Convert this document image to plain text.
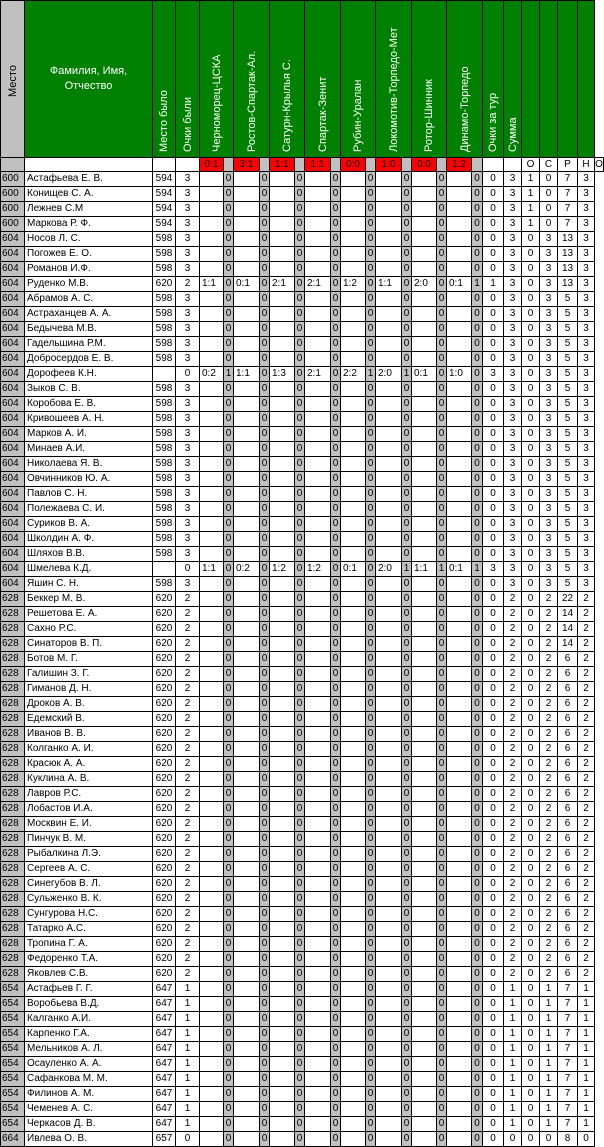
Место	Фамилия, Имя, Отчество	Место было	Очки были	Черноморец-ЦСКА		Ростов-Спартак-Ал.		Сатурн-Крылья С.		Спартак-Зенит		Рубин-Уралан		Локомотив-Торпедо-Мет		Ротор-Шинник		Динамо-Торпедо		Очки за тур	Сумма					
				0:1		3:1		1:1		1:1		0:0		1:0		0:0		1:2				О	С	Р	Н	О
600	Астафьева Е. В.	594	3		0		0		0		0		0		0		0		0	0	3	1	0	7	3	
600	Конищев С. А.	594	3		0		0		0		0		0		0		0		0	0	3	1	0	7	3	
600	Лежнев С.М	594	3		0		0		0		0		0		0		0		0	0	3	1	0	7	3	
600	Маркова Р. Ф.	594	3		0		0		0		0		0		0		0		0	0	3	1	0	7	3	
604	Носов Л. С.	598	3		0		0		0		0		0		0		0		0	0	3	0	3	13	3	
604	Погожев Е. О.	598	3		0		0		0		0		0		0		0		0	0	3	0	3	13	3	
604	Романов И.Ф.	598	3		0		0		0		0		0		0		0		0	0	3	0	3	13	3	
604	Руденко М.В.	620	2	1:1	0	0:1	0	2:1	0	2:1	0	1:2	0	1:1	0	2:0	0	0:1	1	1	3	0	3	13	3	
604	Абрамов А. С.	598	3		0		0		0		0		0		0		0		0	0	3	0	3	5	3	
604	Астраханцев А. А.	598	3		0		0		0		0		0		0		0		0	0	3	0	3	5	3	
604	Бедычева М.В.	598	3		0		0		0		0		0		0		0		0	0	3	0	3	5	3	
604	Гадельшина Р.М.	598	3		0		0		0		0		0		0		0		0	0	3	0	3	5	3	
604	Добросердов Е. В.	598	3		0		0		0		0		0		0		0		0	0	3	0	3	5	3	
604	Дорофеев К.Н.		0	0:2	1	1:1	0	1:3	0	2:1	0	2:2	1	2:0	1	0:1	0	1:0	0	3	3	0	3	5	3	
604	Зыков С. В.	598	3		0		0		0		0		0		0		0		0	0	3	0	3	5	3	
604	Коробова Е. В.	598	3		0		0		0		0		0		0		0		0	0	3	0	3	5	3	
604	Кривошеев А. Н.	598	3		0		0		0		0		0		0		0		0	0	3	0	3	5	3	
604	Марков А. И.	598	3		0		0		0		0		0		0		0		0	0	3	0	3	5	3	
604	Минаев А.И.	598	3		0		0		0		0		0		0		0		0	0	3	0	3	5	3	
604	Николаева Я. В.	598	3		0		0		0		0		0		0		0		0	0	3	0	3	5	3	
604	Овчинников Ю. А.	598	3		0		0		0		0		0		0		0		0	0	3	0	3	5	3	
604	Павлов С. Н.	598	3		0		0		0		0		0		0		0		0	0	3	0	3	5	3	
604	Полежаева С. И.	598	3		0		0		0		0		0		0		0		0	0	3	0	3	5	3	
604	Суриков В. А.	598	3		0		0		0		0		0		0		0		0	0	3	0	3	5	3	
604	Школдин А. Ф.	598	3		0		0		0		0		0		0		0		0	0	3	0	3	5	3	
604	Шляхов В.В.	598	3		0		0		0		0		0		0		0		0	0	3	0	3	5	3	
604	Шмелева К.Д.		0	1:1	0	0:2	0	1:2	0	1:2	0	0:1	0	2:0	1	1:1	1	0:1	1	3	3	0	3	5	3	
604	Яшин С. Н.	598	3		0		0		0		0		0		0		0		0	0	3	0	3	5	3	
628	Беккер М. В.	620	2		0		0		0		0		0		0		0		0	0	2	0	2	22	2	
628	Решетова Е. А.	620	2		0		0		0		0		0		0		0		0	0	2	0	2	14	2	
628	Сахно Р.С.	620	2		0		0		0		0		0		0		0		0	0	2	0	2	14	2	
628	Синаторов В. П.	620	2		0		0		0		0		0		0		0		0	0	2	0	2	14	2	
628	Ботов М. Г.	620	2		0		0		0		0		0		0		0		0	0	2	0	2	6	2	
628	Галишин З. Г.	620	2		0		0		0		0		0		0		0		0	0	2	0	2	6	2	
628	Гиманов Д. Н.	620	2		0		0		0		0		0		0		0		0	0	2	0	2	6	2	
628	Дроков А. В.	620	2		0		0		0		0		0		0		0		0	0	2	0	2	6	2	
628	Едемский В.	620	2		0		0		0		0		0		0		0		0	0	2	0	2	6	2	
628	Иванов В. В.	620	2		0		0		0		0		0		0		0		0	0	2	0	2	6	2	
628	Колганко А. И.	620	2		0		0		0		0		0		0		0		0	0	2	0	2	6	2	
628	Красюк А. А.	620	2		0		0		0		0		0		0		0		0	0	2	0	2	6	2	
628	Куклина А. В.	620	2		0		0		0		0		0		0		0		0	0	2	0	2	6	2	
628	Лавров Р.С.	620	2		0		0		0		0		0		0		0		0	0	2	0	2	6	2	
628	Лобастов И.А.	620	2		0		0		0		0		0		0		0		0	0	2	0	2	6	2	
628	Москвин Е. И.	620	2		0		0		0		0		0		0		0		0	0	2	0	2	6	2	
628	Пинчук В. М.	620	2		0		0		0		0		0		0		0		0	0	2	0	2	6	2	
628	Рыбалкина Л.Э.	620	2		0		0		0		0		0		0		0		0	0	2	0	2	6	2	
628	Сергеев А. С.	620	2		0		0		0		0		0		0		0		0	0	2	0	2	6	2	
628	Синегубов В. Л.	620	2		0		0		0		0		0		0		0		0	0	2	0	2	6	2	
628	Сульженко В. К.	620	2		0		0		0		0		0		0		0		0	0	2	0	2	6	2	
628	Сунгурова Н.С.	620	2		0		0		0		0		0		0		0		0	0	2	0	2	6	2	
628	Татарко А.С.	620	2		0		0		0		0		0		0		0		0	0	2	0	2	6	2	
628	Тропина Г. А.	620	2		0		0		0		0		0		0		0		0	0	2	0	2	6	2	
628	Федоренко Т.А.	620	2		0		0		0		0		0		0		0		0	0	2	0	2	6	2	
628	Яковлев С.В.	620	2		0		0		0		0		0		0		0		0	0	2	0	2	6	2	
654	Астафьев Г. Г.	647	1		0		0		0		0		0		0		0		0	0	1	0	1	7	1	
654	Воробьева В.Д.	647	1		0		0		0		0		0		0		0		0	0	1	0	1	7	1	
654	Калганко А.И.	647	1		0		0		0		0		0		0		0		0	0	1	0	1	7	1	
654	Карпенко Г.А.	647	1		0		0		0		0		0		0		0		0	0	1	0	1	7	1	
654	Мельников А. Л.	647	1		0		0		0		0		0		0		0		0	0	1	0	1	7	1	
654	Осауленко А. А.	647	1		0		0		0		0		0		0		0		0	0	1	0	1	7	1	
654	Сафанкова М. М.	647	1		0		0		0		0		0		0		0		0	0	1	0	1	7	1	
654	Филинов А. М.	647	1		0		0		0		0		0		0		0		0	0	1	0	1	7	1	
654	Чеменев А. С.	647	1		0		0		0		0		0		0		0		0	0	1	0	1	7	1	
654	Черкасов Д. В.	647	1		0		0		0		0		0		0		0		0	0	1	0	1	7	1	
664	Ивлева О. В.	657	0		0		0		0		0		0		0		0		0	0	0	0	0	8	0	
